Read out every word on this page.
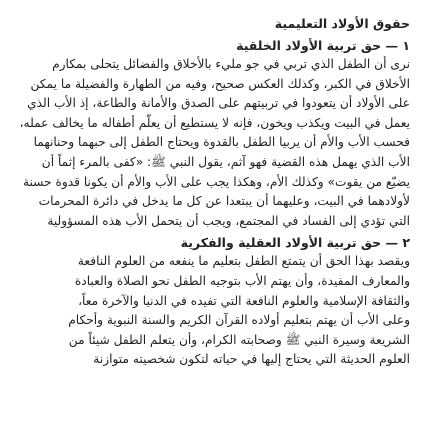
حقوق الأولاد التعليمية

١ — حق تربية الأولاد الخلقية

نرى أن الطفل الذي تربي في جو مليء بالأخلاق والفضائل يتحلى بمكارم
الأخلاق في الكبر، وكذلك العكس صحيح، وفيه من الطهارة والفضيلة ما يمكن
على الأولاد أن يتعودوا في تربيتهم على الصدق والأمانة والطاعة، إذ الأب الذي
يعمل في البيت ويكذب ويخون، فإنه لا يستطيع أن يعلّم أطفاله ما يخالف عمله،
فحسب الأب والأم أن يربيا الطفل بالقدوة ويحتاج الطفل إلى حبهما وحنانهما
الأب الذي يهمل هذه القضية فهو آثم، يقول النبي ﷺ: «كفى بالمرء إثماً أن
يضيّع من يقوت» وكذلك الأم، وهكذا يجب على الأب والأم أن يكونا قدوة حسنة
لأولادهما في البيت، وعليهما أن يبتعدا عن كل ما يدخل في دائرة المحرمات
التي تؤدي إلى الفساد في المجتمع، ويجب أن يتحمل الأب هذه المسؤولية

٢ — حق تربية الأولاد العقلية والفكرية

ويقصد بهذا الحق أن يتمتع الطفل بتعليم ما ينفعه من العلوم النافعة
والمعارف المفيدة، وأن يهتم الأب بتوجيه الطفل نحو الصلاة والعبادة
والثقافة الإسلامية والعلوم النافعة التي تفيده في الدنيا والآخرة معاً،
وعلى الأب أن يهتم بتعليم أولاده القرآن الكريم والسنة النبوية وأحكام
الشريعة وسيرة النبي ﷺ وصحابته الكرام، وأن يتعلم الطفل شيئاً من
العلوم الحديثة التي يحتاج إليها في حياته لتكون شخصيته متوازنة
